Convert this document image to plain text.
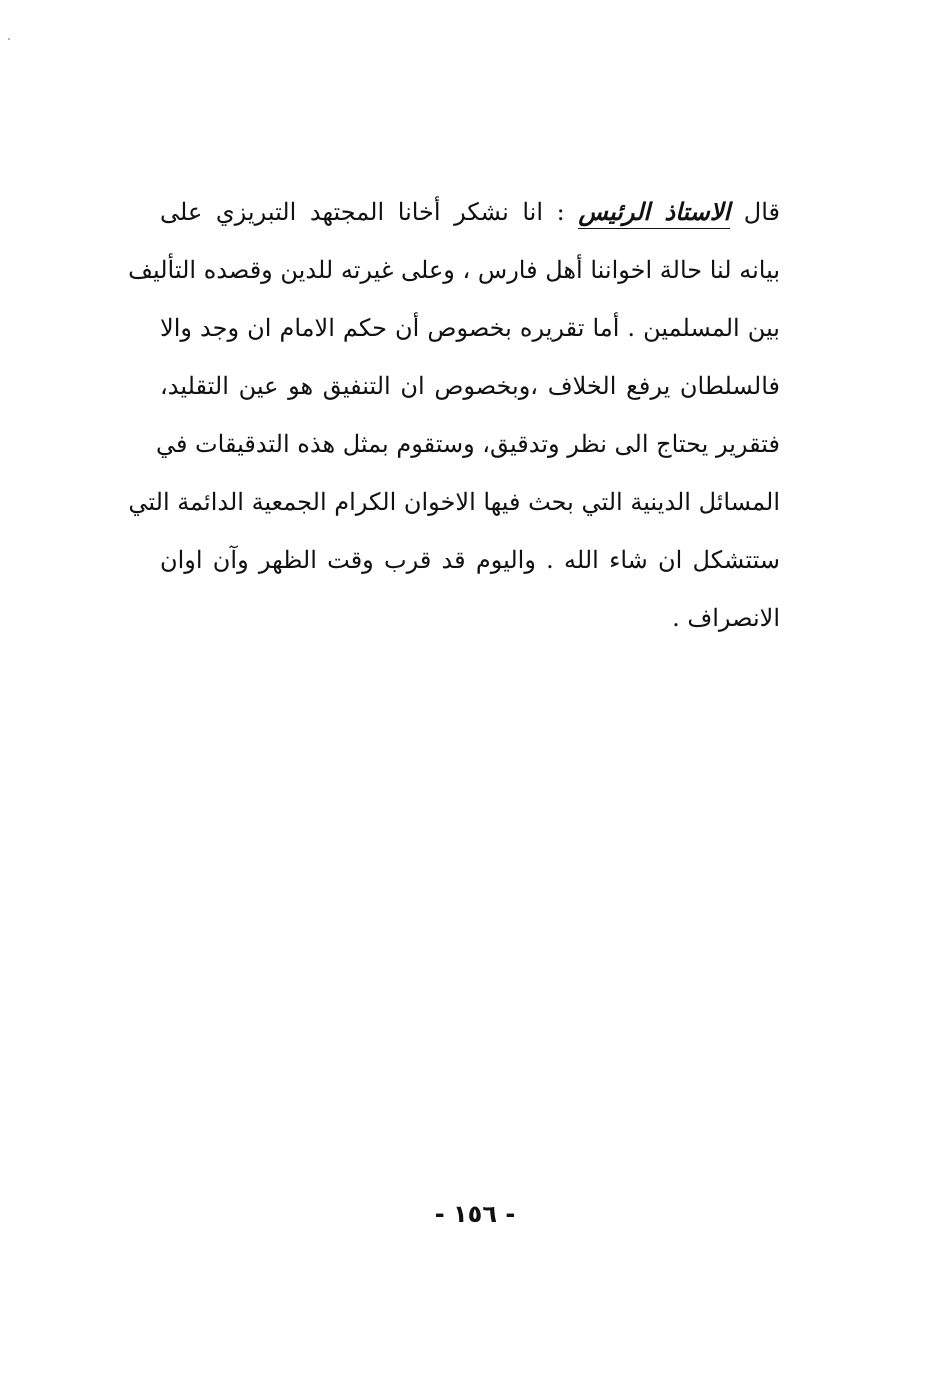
قال الاستاذ الرئيس : انا نشكر أخانا المجتهد التبريزي على
بيانه لنا حالة اخواننا أهل فارس ، وعلى غيرته للدين وقصده التأليف
بين المسلمين . أما تقريره بخصوص أن حكم الامام ان وجد والا
فالسلطان يرفع الخلاف ،وبخصوص ان التنفيق هو عين التقليد،
فتقرير يحتاج الى نظر وتدقيق، وستقوم بمثل هذه التدقيقات في
المسائل الدينية التي بحث فيها الاخوان الكرام الجمعية الدائمة التي
ستتشكل ان شاء الله . واليوم قد قرب وقت الظهر وآن اوان
الانصراف .
- ١٥٦ -
